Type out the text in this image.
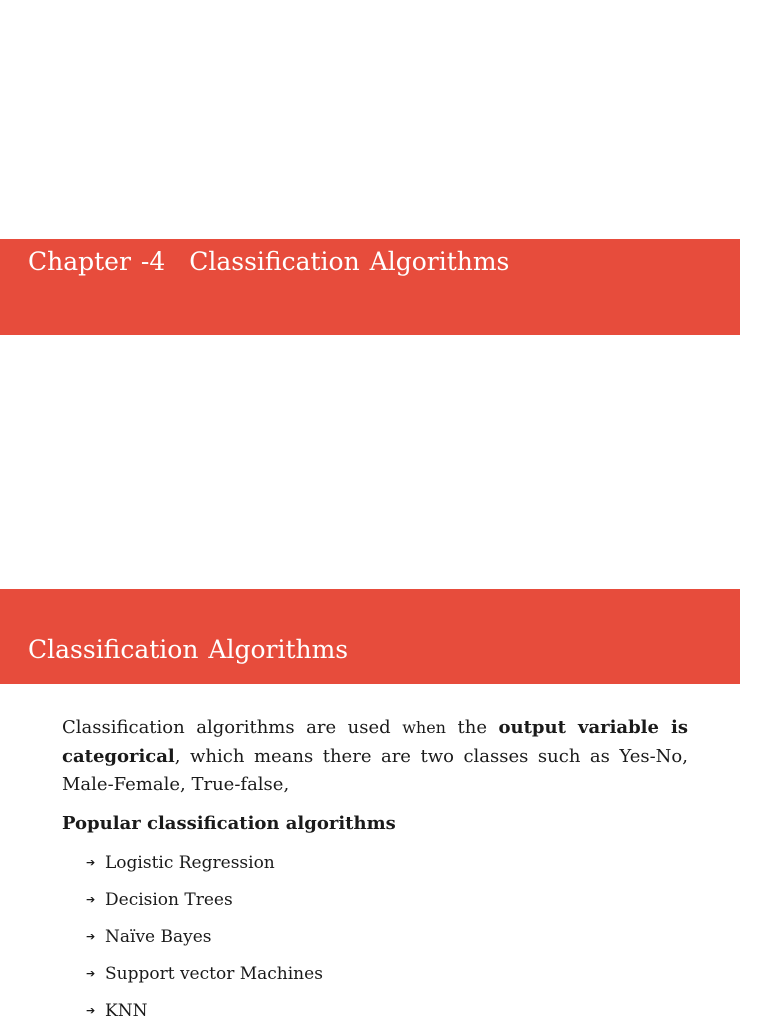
Chapter -4 Classification Algorithms
Classification Algorithms

Classification algorithms are used when the output variable is categorical, which means there are two classes such as Yes-No, Male-Female, True-false,

Popular classification algorithms
➔ Logistic Regression
➔ Decision Trees
➔ Naïve Bayes
➔ Support vector Machines
➔ KNN
